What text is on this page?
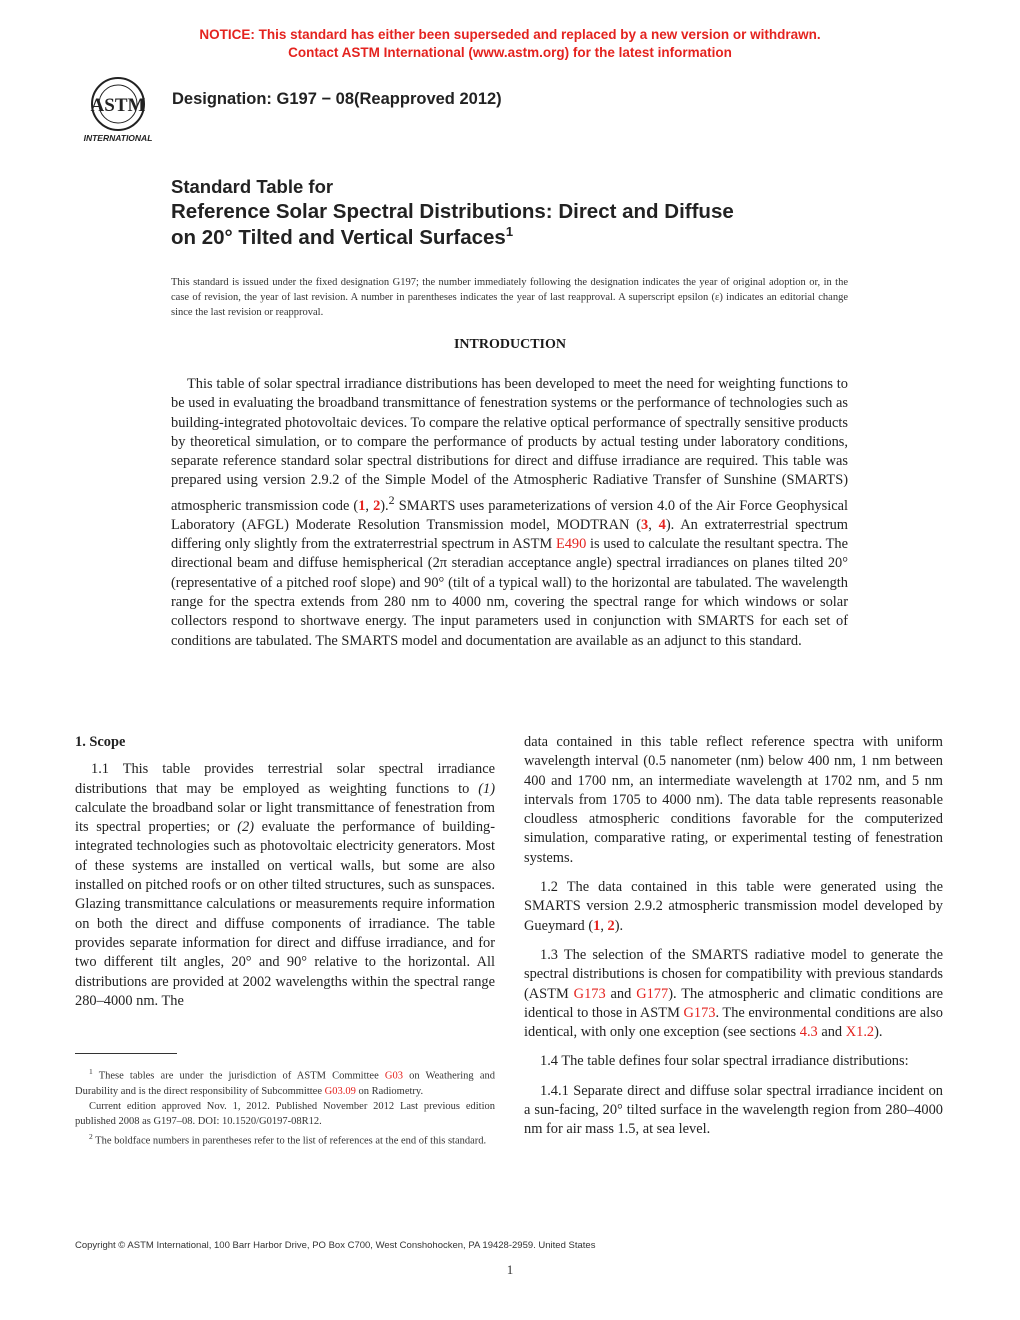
NOTICE: This standard has either been superseded and replaced by a new version or withdrawn.
Contact ASTM International (www.astm.org) for the latest information
ASTM
INTERNATIONAL
Designation: G197 − 08(Reapproved 2012)
Standard Table for
Reference Solar Spectral Distributions: Direct and Diffuse
on 20° Tilted and Vertical Surfaces$^1$
This standard is issued under the fixed designation G197; the number immediately following the designation indicates the year of original adoption or, in the case of revision, the year of last revision. A number in parentheses indicates the year of last reapproval. A superscript epsilon (ε) indicates an editorial change since the last revision or reapproval.
INTRODUCTION

This table of solar spectral irradiance distributions has been developed to meet the need for weighting functions to be used in evaluating the broadband transmittance of fenestration systems or the performance of technologies such as building-integrated photovoltaic devices. To compare the relative optical performance of spectrally sensitive products by theoretical simulation, or to compare the performance of products by actual testing under laboratory conditions, separate reference standard solar spectral distributions for direct and diffuse irradiance are required. This table was prepared using version 2.9.2 of the Simple Model of the Atmospheric Radiative Transfer of Sunshine (SMARTS) atmospheric transmission code (1, 2).$^2$ SMARTS uses parameterizations of version 4.0 of the Air Force Geophysical Laboratory (AFGL) Moderate Resolution Transmission model, MODTRAN (3, 4). An extraterrestrial spectrum differing only slightly from the extraterrestrial spectrum in ASTM E490 is used to calculate the resultant spectra. The directional beam and diffuse hemispherical (2π steradian acceptance angle) spectral irradiances on planes tilted 20° (representative of a pitched roof slope) and 90° (tilt of a typical wall) to the horizontal are tabulated. The wavelength range for the spectra extends from 280 nm to 4000 nm, covering the spectral range for which windows or solar collectors respond to shortwave energy. The input parameters used in conjunction with SMARTS for each set of conditions are tabulated. The SMARTS model and documentation are available as an adjunct to this standard.

1. Scope

1.1 This table provides terrestrial solar spectral irradiance distributions that may be employed as weighting functions to (1) calculate the broadband solar or light transmittance of fenestration from its spectral properties; or (2) evaluate the performance of building-integrated technologies such as photovoltaic electricity generators. Most of these systems are installed on vertical walls, but some are also installed on pitched roofs or on other tilted structures, such as sunspaces. Glazing transmittance calculations or measurements require information on both the direct and diffuse components of irradiance. The table provides separate information for direct and diffuse irradiance, and for two different tilt angles, 20° and 90° relative to the horizontal. All distributions are provided at 2002 wavelengths within the spectral range 280–4000 nm. The

$^1$ These tables are under the jurisdiction of ASTM Committee G03 on Weathering and Durability and is the direct responsibility of Subcommittee G03.09 on Radiometry.

Current edition approved Nov. 1, 2012. Published November 2012 Last previous edition published 2008 as G197–08. DOI: 10.1520/G0197-08R12.

$^2$ The boldface numbers in parentheses refer to the list of references at the end of this standard.

data contained in this table reflect reference spectra with uniform wavelength interval (0.5 nanometer (nm) below 400 nm, 1 nm between 400 and 1700 nm, an intermediate wavelength at 1702 nm, and 5 nm intervals from 1705 to 4000 nm). The data table represents reasonable cloudless atmospheric conditions favorable for the computerized simulation, comparative rating, or experimental testing of fenestration systems.

1.2 The data contained in this table were generated using the SMARTS version 2.9.2 atmospheric transmission model developed by Gueymard (1, 2).

1.3 The selection of the SMARTS radiative model to generate the spectral distributions is chosen for compatibility with previous standards (ASTM G173 and G177). The atmospheric and climatic conditions are identical to those in ASTM G173. The environmental conditions are also identical, with only one exception (see sections 4.3 and X1.2).

1.4 The table defines four solar spectral irradiance distributions:

1.4.1 Separate direct and diffuse solar spectral irradiance incident on a sun-facing, 20° tilted surface in the wavelength region from 280–4000 nm for air mass 1.5, at sea level.

Copyright © ASTM International, 100 Barr Harbor Drive, PO Box C700, West Conshohocken, PA 19428-2959. United States
1
